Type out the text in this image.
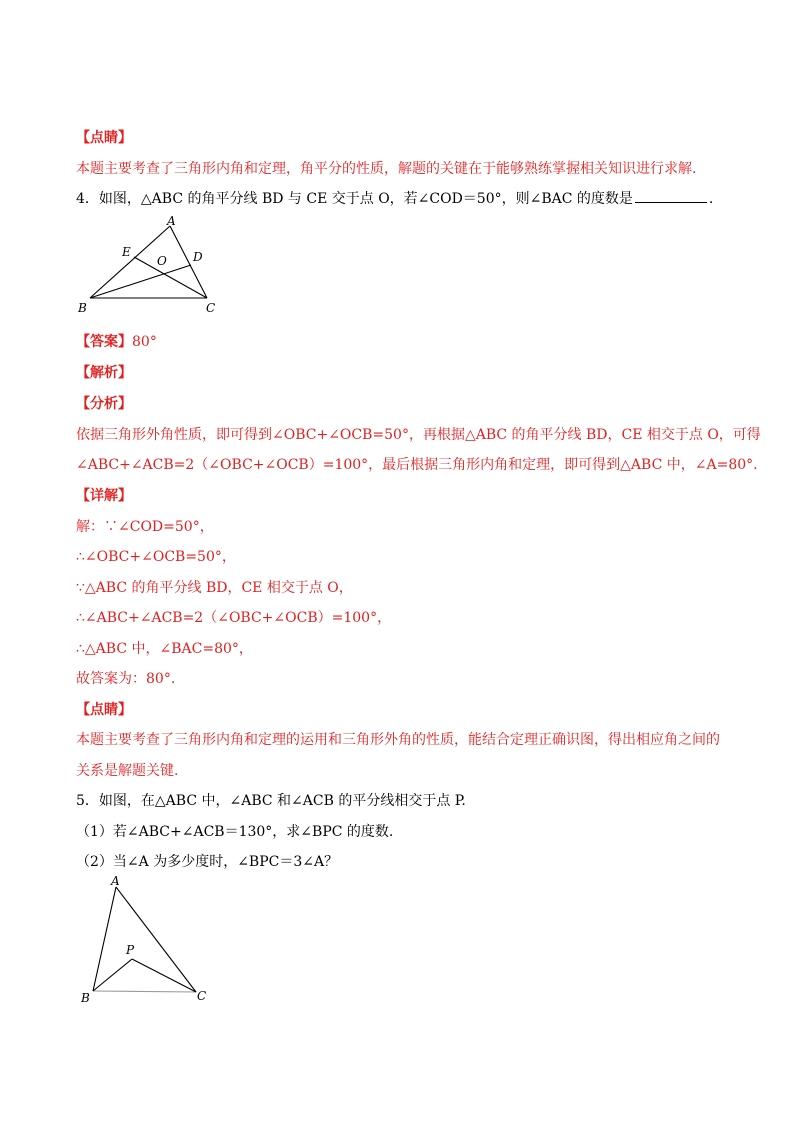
【点睛】
本题主要考查了三角形内角和定理，角平分的性质，解题的关键在于能够熟练掌握相关知识进行求解.
4．如图，△ABC 的角平分线 BD 与 CE 交于点 O，若∠COD＝50°，则∠BAC 的度数是	.
A
E
O D
B	C
【答案】80°
【解析】
【分析】
依据三角形外角性质，即可得到∠OBC+∠OCB=50°，再根据△ABC 的角平分线 BD，CE 相交于点 O，可得
∠ABC+∠ACB=2（∠OBC+∠OCB）=100°，最后根据三角形内角和定理，即可得到△ABC 中，∠A=80°.
【详解】
解：∵∠COD=50°，
∴∠OBC+∠OCB=50°，
∵△ABC 的角平分线 BD，CE 相交于点 O，
∴∠ABC+∠ACB=2（∠OBC+∠OCB）=100°，
∴△ABC 中，∠BAC=80°，
故答案为：80°.
【点睛】
本题主要考查了三角形内角和定理的运用和三角形外角的性质，能结合定理正确识图，得出相应角之间的
关系是解题关键.
5．如图，在△ABC 中，∠ABC 和∠ACB 的平分线相交于点 P.
（1）若∠ABC+∠ACB＝130°，求∠BPC 的度数.
（2）当∠A 为多少度时，∠BPC＝3∠A？
A
P
B	C
